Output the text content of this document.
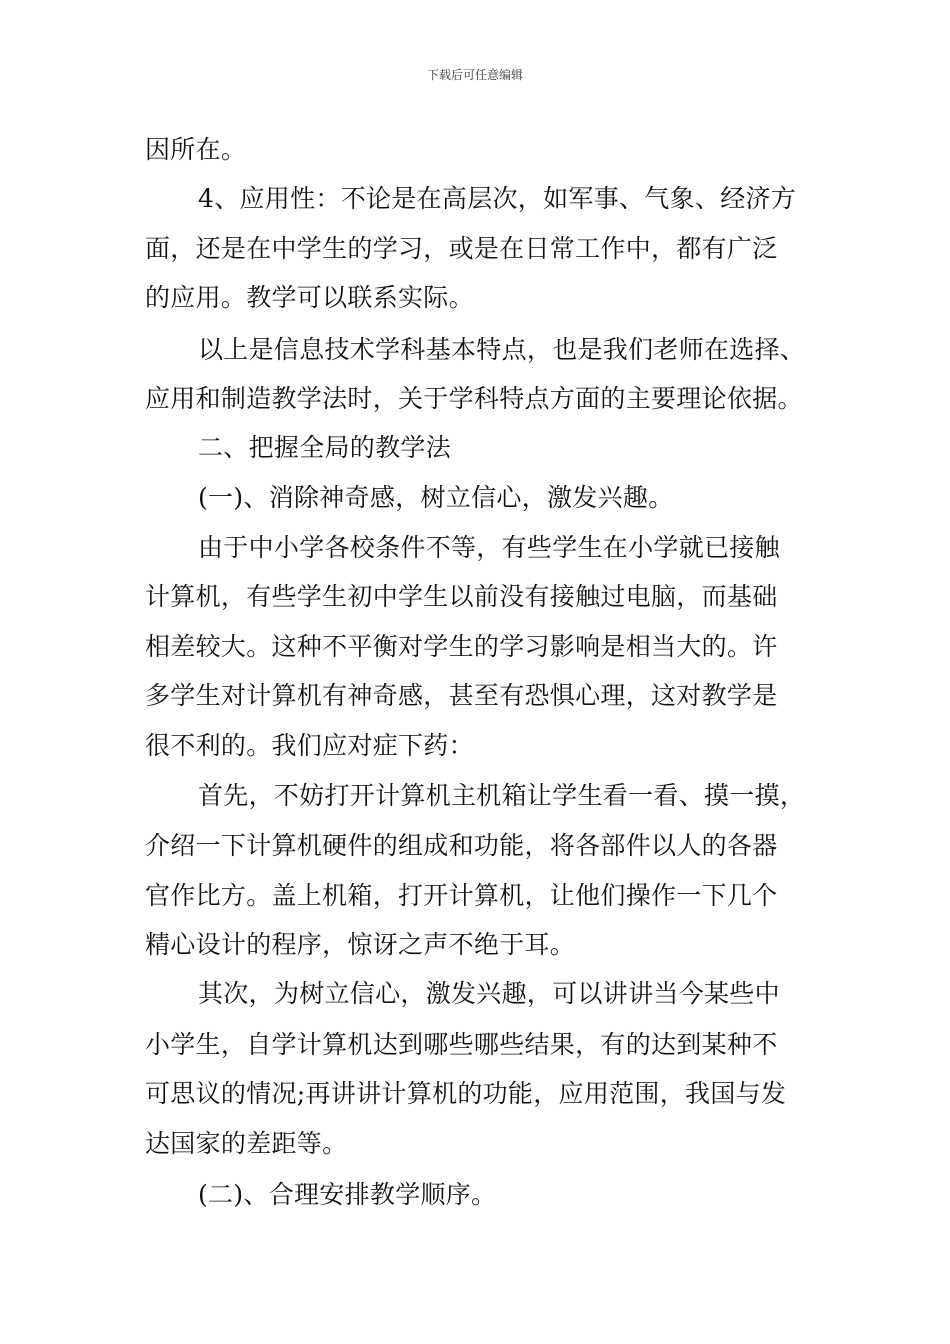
下载后可任意编辑
因所在。
4、应用性：不论是在高层次，如军事、气象、经济方
面，还是在中学生的学习，或是在日常工作中，都有广泛
的应用。教学可以联系实际。
以上是信息技术学科基本特点，也是我们老师在选择、
应用和制造教学法时，关于学科特点方面的主要理论依据。
二、把握全局的教学法
(一)、消除神奇感，树立信心，激发兴趣。
由于中小学各校条件不等，有些学生在小学就已接触
计算机，有些学生初中学生以前没有接触过电脑，而基础
相差较大。这种不平衡对学生的学习影响是相当大的。许
多学生对计算机有神奇感，甚至有恐惧心理，这对教学是
很不利的。我们应对症下药：
首先，不妨打开计算机主机箱让学生看一看、摸一摸，
介绍一下计算机硬件的组成和功能，将各部件以人的各器
官作比方。盖上机箱，打开计算机，让他们操作一下几个
精心设计的程序，惊讶之声不绝于耳。
其次，为树立信心，激发兴趣，可以讲讲当今某些中
小学生，自学计算机达到哪些哪些结果，有的达到某种不
可思议的情况;再讲讲计算机的功能，应用范围，我国与发
达国家的差距等。
(二)、合理安排教学顺序。
